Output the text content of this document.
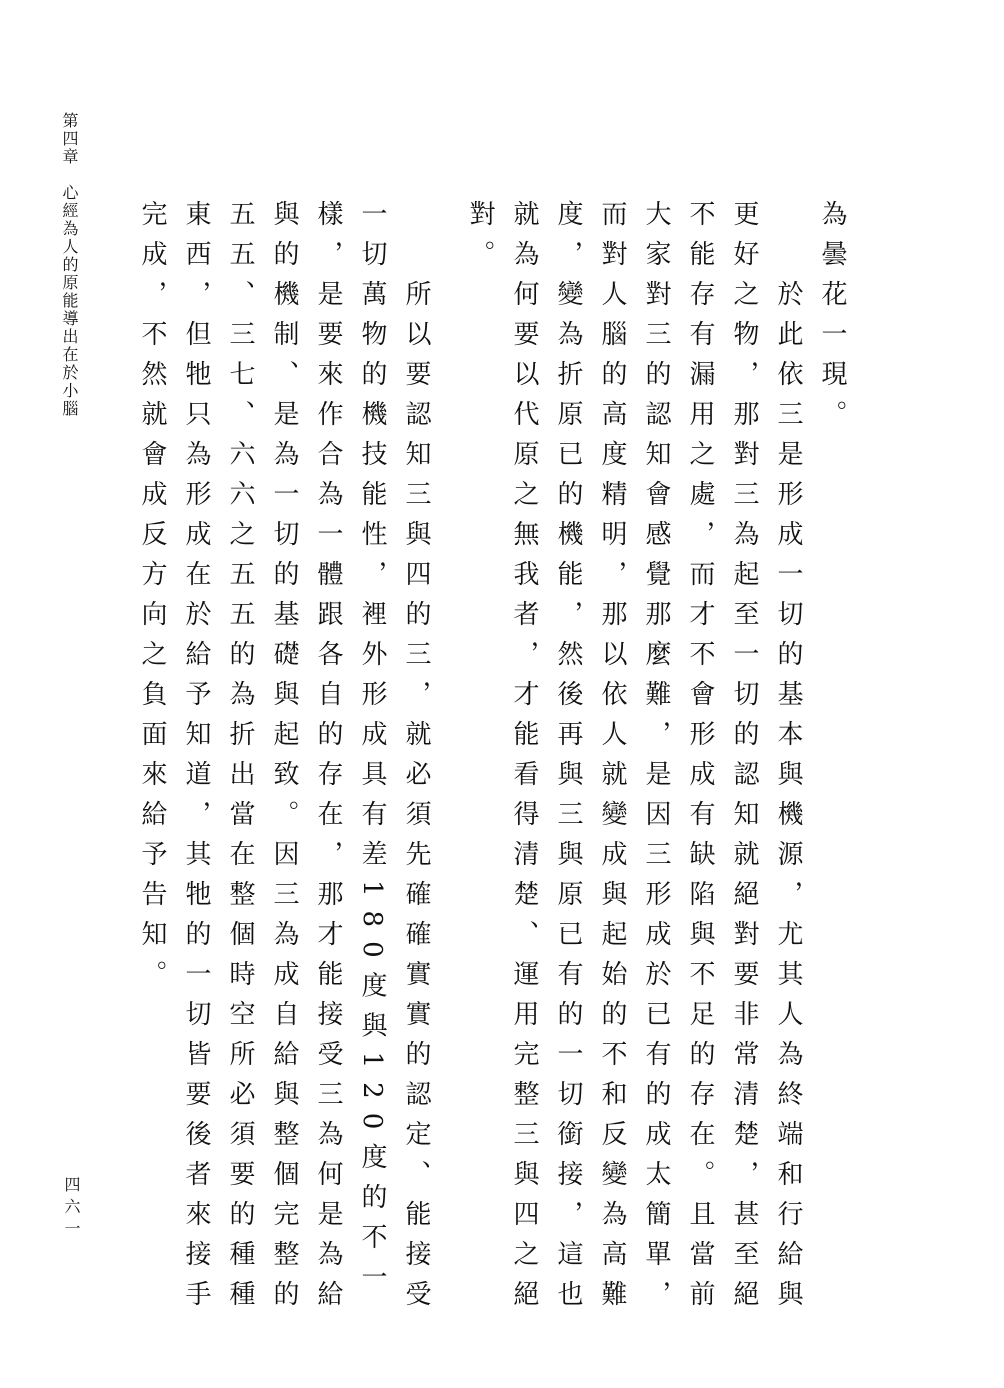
第四章　心經為人的原能導出在於小腦
四六一

為曇花一現。

於此依三是形成一切的基本與機源，尤其人為終端和行給與更好之物，那對三為起至一切的認知就絕對要非常清楚，甚至絕不能存有漏用之處，而才不會形成有缺陷與不足的存在。且當前大家對三的認知會感覺那麼難，是因三形成於已有的成太簡單，而對人腦的高度精明，那以依人就變成與起始的不和反變為高難度，變為折原已的機能，然後再與三與原已有的一切銜接，這也就為何要以代原之無我者，才能看得清楚、運用完整三與四之絕對。

所以要認知三與四的三，就必須先確確實實的認定、能接受一切萬物的機技能性，裡外形成具有差180度與120度的不一樣，是要來作合為一體跟各自的存在，那才能接受三為何是為給與的機制、是為一切的基礎與起致。因三為成自給與整個完整的五五、三七、六六之五五的為折出當在整個時空所必須要的種種東西，但牠只為形成在於給予知道，其牠的一切皆要後者來接手完成，不然就會成反方向之負面來給予告知。
